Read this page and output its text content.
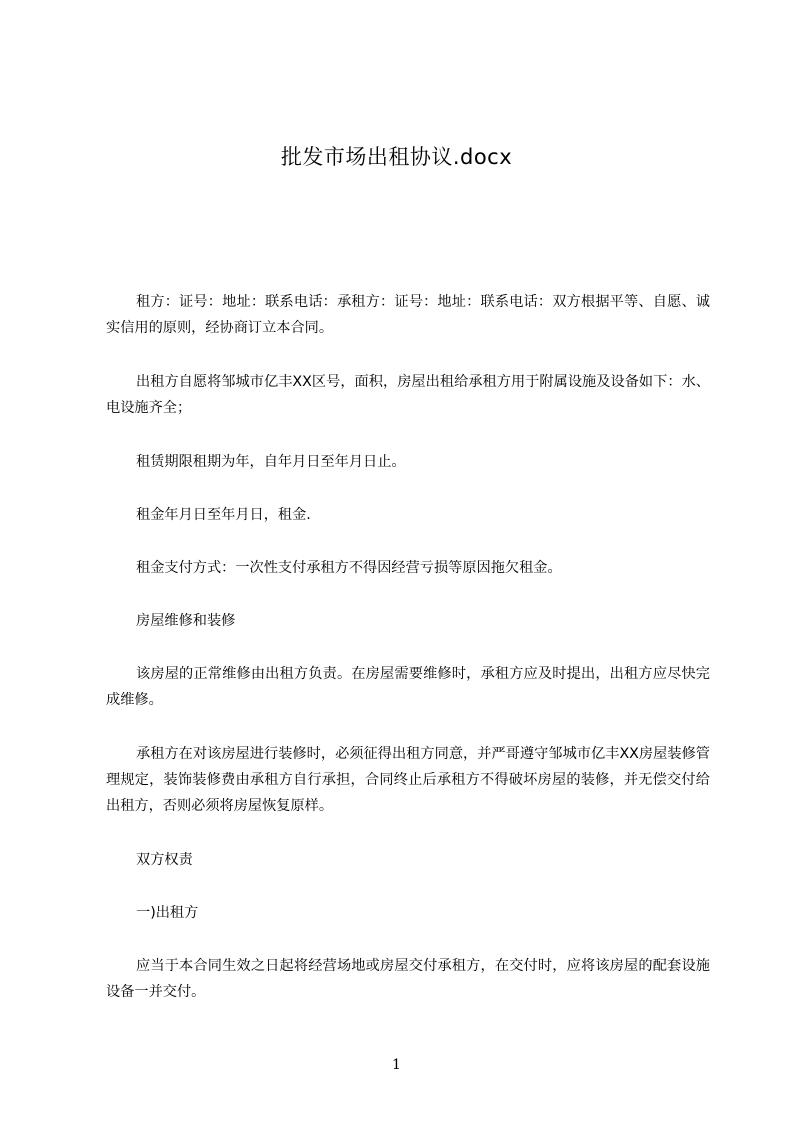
批发市场出租协议.docx

租方：证号：地址：联系电话：承租方：证号：地址：联系电话：双方根据平等、自愿、诚实信用的原则，经协商订立本合同。

出租方自愿将邹城市亿丰XX区号，面积，房屋出租给承租方用于附属设施及设备如下：水、电设施齐全；

租赁期限租期为年，自年月日至年月日止。

租金年月日至年月日，租金.

租金支付方式：一次性支付承租方不得因经营亏损等原因拖欠租金。

房屋维修和装修

该房屋的正常维修由出租方负责。在房屋需要维修时，承租方应及时提出，出租方应尽快完成维修。

承租方在对该房屋进行装修时，必须征得出租方同意，并严哥遵守邹城市亿丰XX房屋装修管理规定，装饰装修费由承租方自行承担，合同终止后承租方不得破坏房屋的装修，并无偿交付给出租方，否则必须将房屋恢复原样。

双方权责

一)出租方

应当于本合同生效之日起将经营场地或房屋交付承租方，在交付时，应将该房屋的配套设施设备一并交付。

1
